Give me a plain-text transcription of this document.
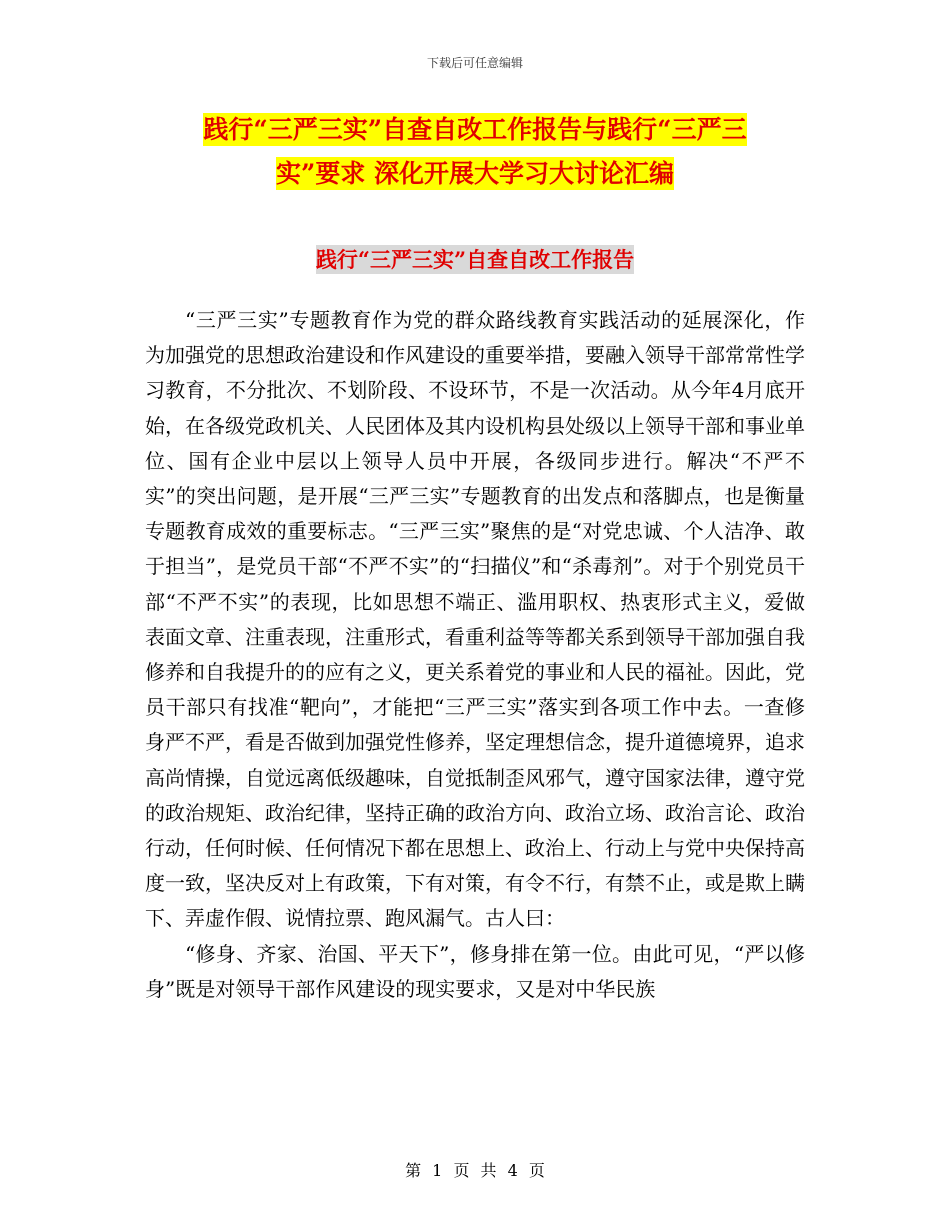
下载后可任意编辑
践行“三严三实”自查自改工作报告与践行“三严三
实”要求 深化开展大学习大讨论汇编
践行“三严三实”自查自改工作报告

“三严三实”专题教育作为党的群众路线教育实践活动的延展深化，作为加强党的思想政治建设和作风建设的重要举措，要融入领导干部常常性学习教育，不分批次、不划阶段、不设环节，不是一次活动。从今年4月底开始，在各级党政机关、人民团体及其内设机构县处级以上领导干部和事业单位、国有企业中层以上领导人员中开展，各级同步进行。解决“不严不实”的突出问题，是开展“三严三实”专题教育的出发点和落脚点，也是衡量专题教育成效的重要标志。“三严三实”聚焦的是“对党忠诚、个人洁净、敢于担当”，是党员干部“不严不实”的“扫描仪”和“杀毒剂”。对于个别党员干部“不严不实”的表现，比如思想不端正、滥用职权、热衷形式主义，爱做表面文章、注重表现，注重形式，看重利益等等都关系到领导干部加强自我修养和自我提升的的应有之义，更关系着党的事业和人民的福祉。因此，党员干部只有找准“靶向”，才能把“三严三实”落实到各项工作中去。一查修身严不严，看是否做到加强党性修养，坚定理想信念，提升道德境界，追求高尚情操，自觉远离低级趣味，自觉抵制歪风邪气，遵守国家法律，遵守党的政治规矩、政治纪律，坚持正确的政治方向、政治立场、政治言论、政治行动，任何时候、任何情况下都在思想上、政治上、行动上与党中央保持高度一致，坚决反对上有政策，下有对策，有令不行，有禁不止，或是欺上瞒下、弄虚作假、说情拉票、跑风漏气。古人曰：

“修身、齐家、治国、平天下”，修身排在第一位。由此可见，“严以修身”既是对领导干部作风建设的现实要求，又是对中华民族

第 1 页 共 4 页
